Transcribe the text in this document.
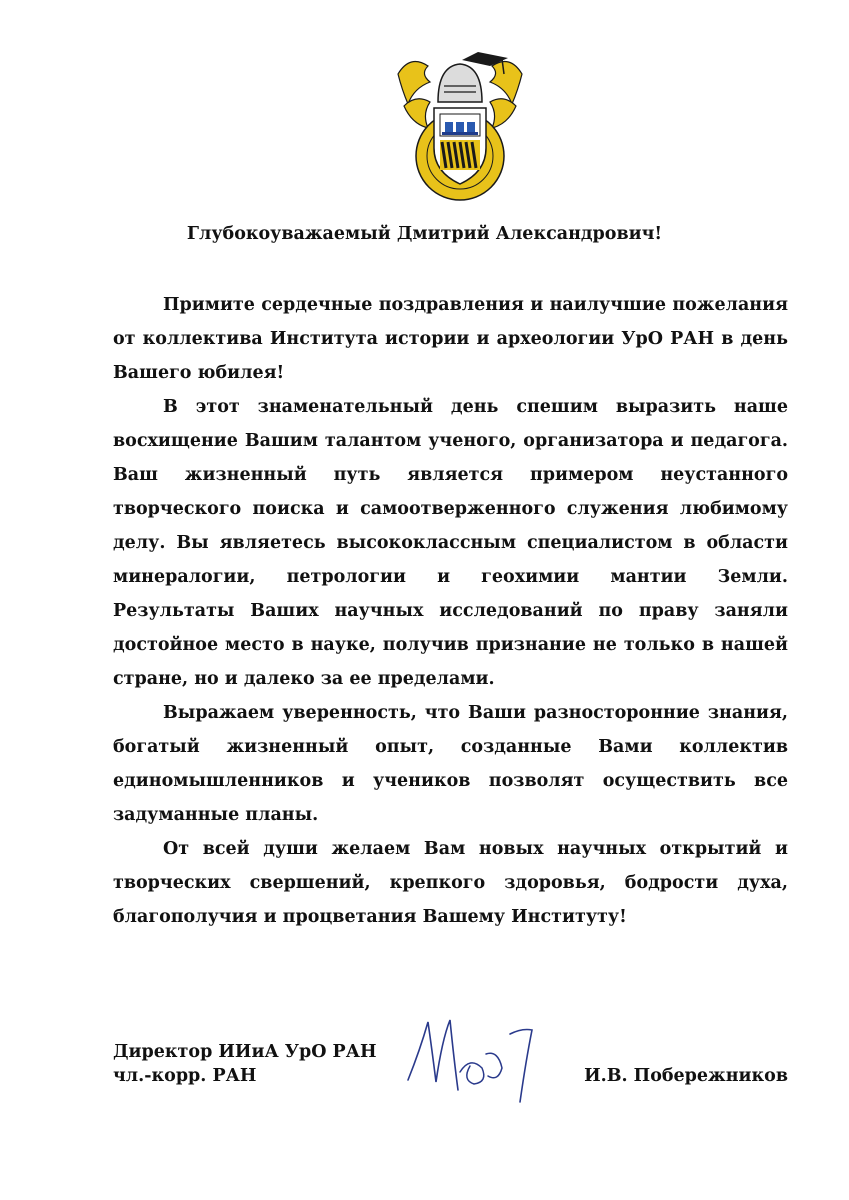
Глубокоуважаемый Дмитрий Александрович!

Примите сердечные поздравления и наилучшие пожелания от коллектива Института истории и археологии УрО РАН в день Вашего юбилея!

В этот знаменательный день спешим выразить наше восхищение Вашим талантом ученого, организатора и педагога. Ваш жизненный путь является примером неустанного творческого поиска и самоотверженного служения любимому делу. Вы являетесь высококлассным специалистом в области минералогии, петрологии и геохимии мантии Земли. Результаты Ваших научных исследований по праву заняли достойное место в науке, получив признание не только в нашей стране, но и далеко за ее пределами.

Выражаем уверенность, что Ваши разносторонние знания, богатый жизненный опыт, созданные Вами коллектив единомышленников и учеников позволят осуществить все задуманные планы.

От всей души желаем Вам новых научных открытий и творческих свершений, крепкого здоровья, бодрости духа, благополучия и процветания Вашему Институту!

Директор ИИиА УрО РАН
чл.-корр. РАН	И.В. Побережников
